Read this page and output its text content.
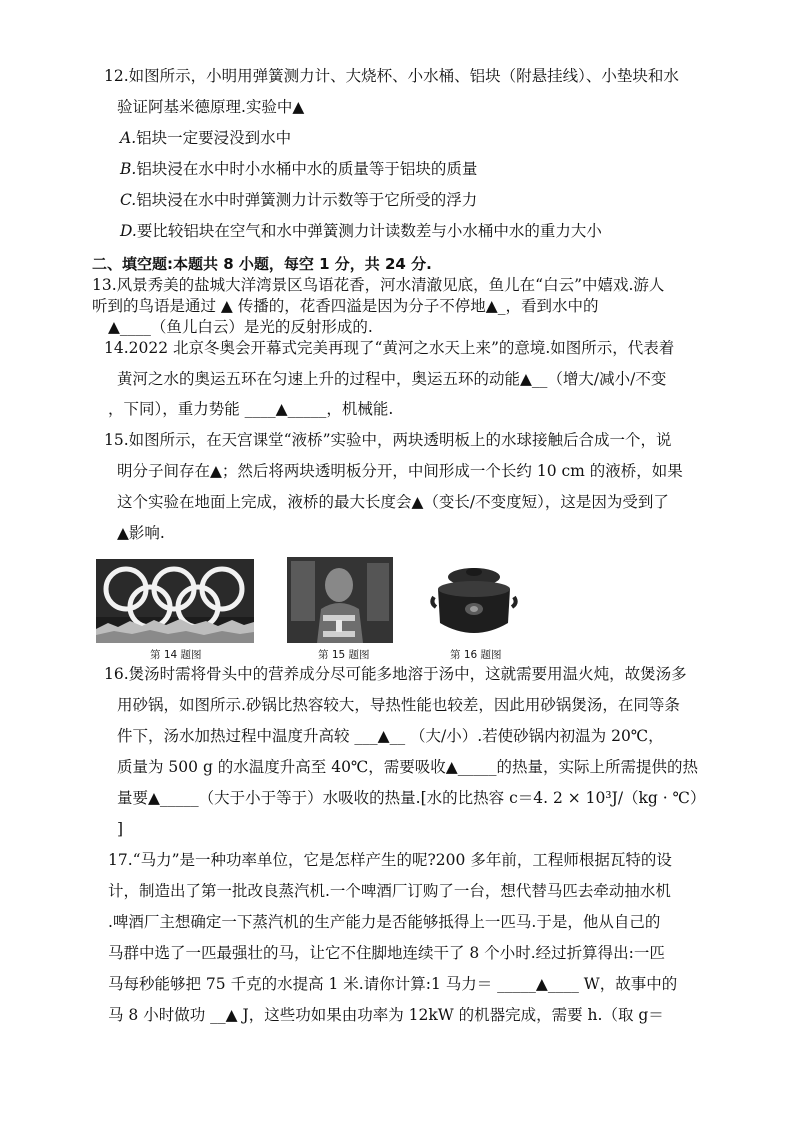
12.如图所示，小明用弹簧测力计、大烧杯、小水桶、铝块（附悬挂线）、小垫块和水
验证阿基米德原理.实验中▲
A.铝块一定要浸没到水中
B.铝块浸在水中时小水桶中水的质量等于铝块的质量
C.铝块浸在水中时弹簧测力计示数等于它所受的浮力
D.要比较铝块在空气和水中弹簧测力计读数差与小水桶中水的重力大小
二、填空题:本题共 8 小题，每空 1 分，共 24 分.
13.风景秀美的盐城大洋湾景区鸟语花香，河水清澈见底，鱼儿在“白云”中嬉戏.游人
听到的鸟语是通过 ▲ 传播的，花香四溢是因为分子不停地▲_，看到水中的
▲____（鱼儿白云）是光的反射形成的.
14.2022 北京冬奥会开幕式完美再现了“黄河之水天上来”的意境.如图所示，代表着
黄河之水的奥运五环在匀速上升的过程中，奥运五环的动能▲__（增大/减小/不变
，下同），重力势能 ____▲_____，机械能.
15.如图所示，在天宫课堂“液桥”实验中，两块透明板上的水球接触后合成一个，说
明分子间存在▲；然后将两块透明板分开，中间形成一个长约 10 cm 的液桥，如果
这个实验在地面上完成，液桥的最大长度会▲（变长/不变度短），这是因为受到了
▲影响.
第 14 题图	第 15 题图	第 16 题图
16.煲汤时需将骨头中的营养成分尽可能多地溶于汤中，这就需要用温火炖，故煲汤多
用砂锅，如图所示.砂锅比热容较大，导热性能也较差，因此用砂锅煲汤，在同等条
件下，汤水加热过程中温度升高较 ___▲__ （大/小）.若使砂锅内初温为 20℃，
质量为 500 g 的水温度升高至 40℃，需要吸收▲_____的热量，实际上所需提供的热
量要▲_____（大于小于等于）水吸收的热量.[水的比热容 c＝4. 2 × 10³J/（kg · ℃）
]
17.“马力”是一种功率单位，它是怎样产生的呢?200 多年前，工程师根据瓦特的设
计，制造出了第一批改良蒸汽机.一个啤酒厂订购了一台，想代替马匹去牵动抽水机
.啤酒厂主想确定一下蒸汽机的生产能力是否能够抵得上一匹马.于是，他从自己的
马群中选了一匹最强壮的马，让它不住脚地连续干了 8 个小时.经过折算得出:一匹
马每秒能够把 75 千克的水提高 1 米.请你计算:1 马力＝ _____▲____ W，故事中的
马 8 小时做功 __▲ J，这些功如果由功率为 12kW 的机器完成，需要 h.（取 g＝
